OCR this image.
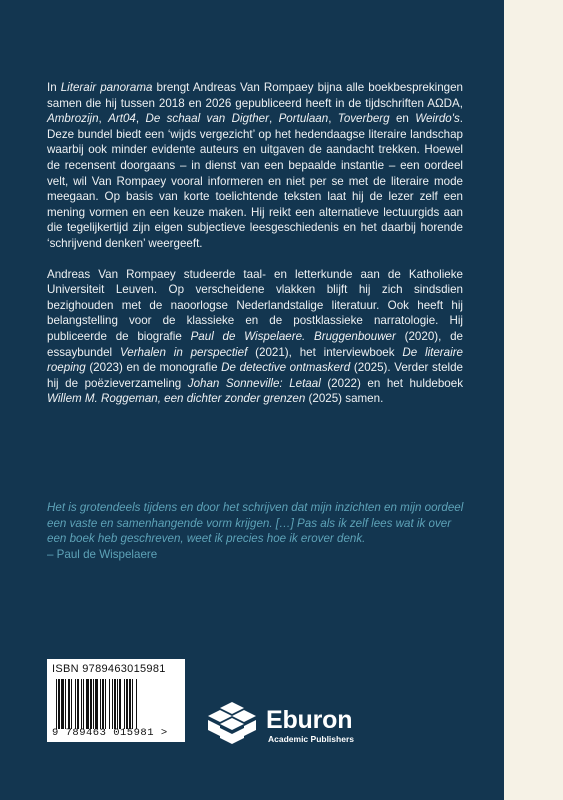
In Literair panorama brengt Andreas Van Rompaey bijna alle boekbesprekingen samen die hij tussen 2018 en 2026 gepubliceerd heeft in de tijdschriften AΩDA, Ambrozijn, Art04, De schaal van Digther, Portulaan, Toverberg en Weirdo's. Deze bundel biedt een ‘wijds vergezicht’ op het hedendaagse literaire landschap waarbij ook minder evidente auteurs en uitgaven de aandacht trekken. Hoewel de recensent doorgaans – in dienst van een bepaalde instantie – een oordeel velt, wil Van Rompaey vooral informeren en niet per se met de literaire mode meegaan. Op basis van korte toelichtende teksten laat hij de lezer zelf een mening vormen en een keuze maken. Hij reikt een alternatieve lectuurgids aan die tegelijkertijd zijn eigen subjectieve leesgeschiedenis en het daarbij horende ‘schrijvend denken’ weergeeft.

Andreas Van Rompaey studeerde taal- en letterkunde aan de Katholieke Universiteit Leuven. Op verscheidene vlakken blijft hij zich sindsdien bezighouden met de naoorlogse Nederlandstalige literatuur. Ook heeft hij belangstelling voor de klassieke en de postklassieke narratologie. Hij publiceerde de biografie Paul de Wispelaere. Bruggenbouwer (2020), de essaybundel Verhalen in perspectief (2021), het interviewboek De literaire roeping (2023) en de monografie De detective ontmaskerd (2025). Verder stelde hij de poëzieverzameling Johan Sonneville: Letaal (2022) en het huldeboek Willem M. Roggeman, een dichter zonder grenzen (2025) samen.

Het is grotendeels tijdens en door het schrijven dat mijn inzichten en mijn oordeel een vaste en samenhangende vorm krijgen. […] Pas als ik zelf lees wat ik over een boek heb geschreven, weet ik precies hoe ik erover denk.
– Paul de Wispelaere
ISBN 9789463015981
9 789463 015981 >	Eburon
Academic Publishers
